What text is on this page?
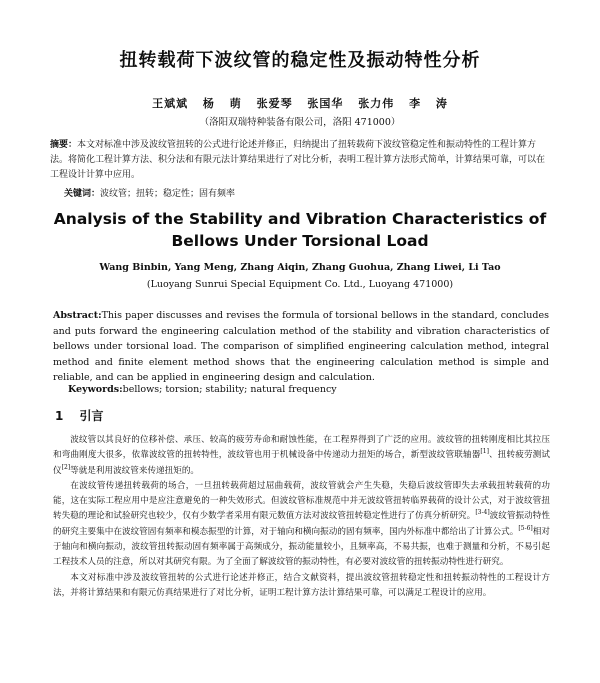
扭转载荷下波纹管的稳定性及振动特性分析
王斌斌 杨 萌 张爱琴 张国华 张力伟 李 涛
（洛阳双瑞特种装备有限公司，洛阳 471000）
摘要：本文对标准中涉及波纹管扭转的公式进行论述并修正，归纳提出了扭转载荷下波纹管稳定性和振动特性的工程计算方法。将简化工程计算方法、积分法和有限元法计算结果进行了对比分析，表明工程计算方法形式简单，计算结果可靠，可以在工程设计计算中应用。
关键词：波纹管；扭转；稳定性；固有频率
Analysis of the Stability and Vibration Characteristics of
Bellows Under Torsional Load
Wang Binbin, Yang Meng, Zhang Aiqin, Zhang Guohua, Zhang Liwei, Li Tao
(Luoyang Sunrui Special Equipment Co. Ltd., Luoyang 471000)
Abstract:This paper discusses and revises the formula of torsional bellows in the standard, concludes and puts forward the engineering calculation method of the stability and vibration characteristics of bellows under torsional load. The comparison of simplified engineering calculation method, integral method and finite element method shows that the engineering calculation method is simple and reliable, and can be applied in engineering design and calculation.
Keywords:bellows; torsion; stability; natural frequency
1 引言

波纹管以其良好的位移补偿、承压、较高的疲劳寿命和耐蚀性能，在工程界得到了广泛的应用。波纹管的扭转刚度相比其拉压和弯曲刚度大很多，依靠波纹管的扭转特性，波纹管也用于机械设备中传递动力扭矩的场合，新型波纹管联轴器[1]、扭转疲劳测试仪[2]等就是利用波纹管来传递扭矩的。

在波纹管传递扭转载荷的场合，一旦扭转载荷超过屈曲载荷，波纹管就会产生失稳，失稳后波纹管即失去承载扭转载荷的功能，这在实际工程应用中是应注意避免的一种失效形式。但波纹管标准规范中并无波纹管扭转临界载荷的设计公式，对于波纹管扭转失稳的理论和试验研究也较少，仅有少数学者采用有限元数值方法对波纹管扭转稳定性进行了仿真分析研究。[3-4]波纹管振动特性的研究主要集中在波纹管固有频率和模态振型的计算，对于轴向和横向振动的固有频率，国内外标准中都给出了计算公式。[5-6]相对于轴向和横向振动，波纹管扭转振动固有频率属于高频成分，振动能量较小，且频率高，不易共振，也难于测量和分析，不易引起工程技术人员的注意，所以对其研究有限。为了全面了解波纹管的振动特性，有必要对波纹管的扭转振动特性进行研究。

本文对标准中涉及波纹管扭转的公式进行论述并修正，结合文献资料，提出波纹管扭转稳定性和扭转振动特性的工程设计方法，并将计算结果和有限元仿真结果进行了对比分析，证明工程计算方法计算结果可靠，可以满足工程设计的应用。
